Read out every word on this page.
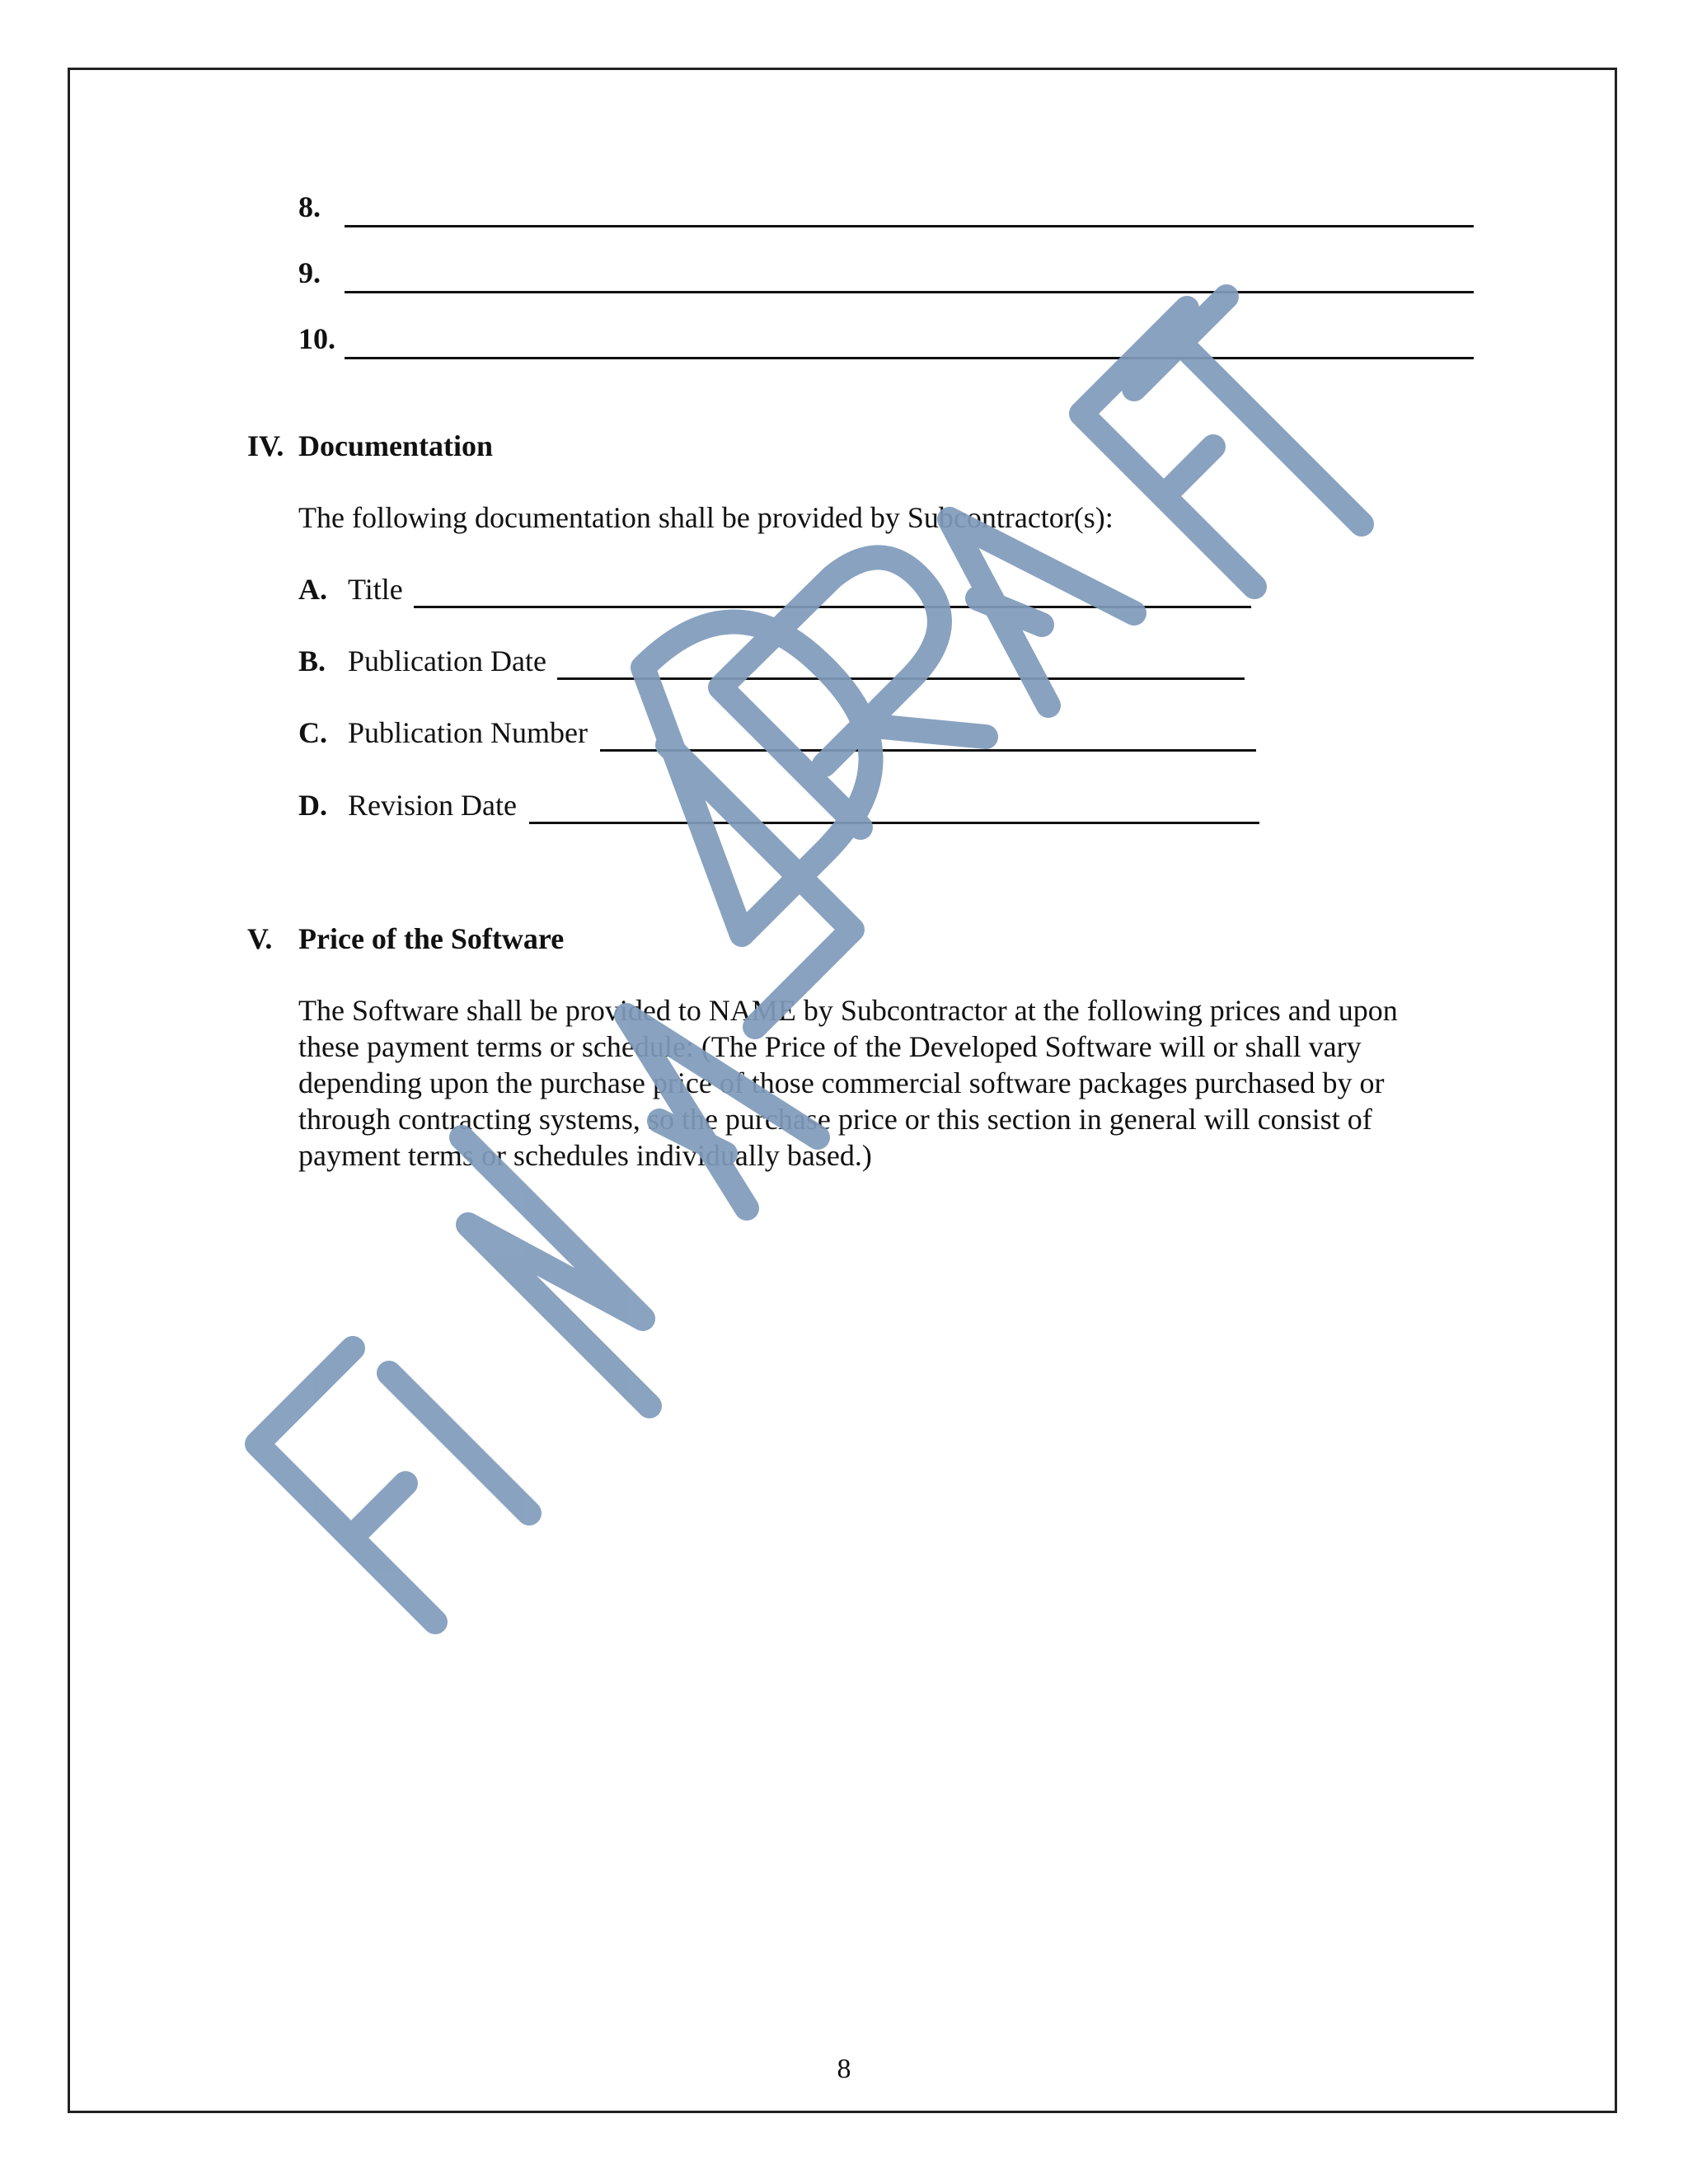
8.
9.
10.
IV. Documentation
The following documentation shall be provided by Subcontractor(s):
A. Title
B. Publication Date
C. Publication Number
D. Revision Date
V. Price of the Software
The Software shall be provided to NAME by Subcontractor at the following prices and upon
these payment terms or schedule: (The Price of the Developed Software will or shall vary
depending upon the purchase price of those commercial software packages purchased by or
through contracting systems, so the purchase price or this section in general will consist of
payment terms or schedules individually based.)
8
